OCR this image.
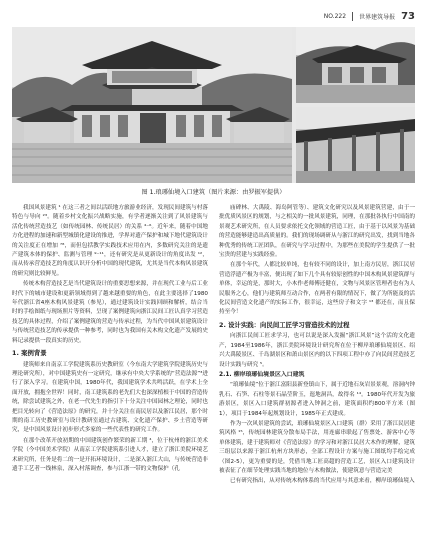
NO.222 世界建筑导报 73
图 1.琅琊仙境入口建筑（图片来源：由罗振军提供）

我国风景建筑 ¹ 在这三者之间以活跃地方旅游业经济，发现民间建筑与村落特色与导向 ²³。随着乡村文化振兴战略实施，有学者逐渐关注到了风景建筑与活化传统营造技艺（如传统园林、传统民居）的关系 ⁴⁻⁶。近年来，随着中国地方化进程的加速和新型城镇化建设的推进，学界对遗产保护和城下地代建筑设计的关注度正在增加 ⁷⁸，而但包括教学实践技术应用在内，多数研究关注的是遗产建筑本体的保护、监测与管理 ⁹⁻¹¹，还有研究是从更新设计的角度出发 ¹²，而从传承营造技艺的角度认识开分析中国的现代建筑，尤其是当代本构风景建筑的研究则比较鲜见。

传统木构营造技艺是当代建筑设计的重要思想来源，并在现代工业与后工业时代下的城市建设和更新领域得到了越来越重要的角色，在此主要选择了1980年代浙江省4座木构风景建筑（参见），通过建筑设计实践回顾和解析，结合当时的手绘图纸与现场照片等资料，呈现了案例建筑向浙江民间工匠认真学习营造技艺的具体过程，介绍了案例建筑的营造与传承过程，为当代中国风景建筑设计与传统营造技艺的传承提供一种参考，同时也为我国有关木构文化遗产发展的史料记录提供一段真实的历史。

1. 案例背景

建筑师来自南京工学院建筑系历史教研室（今东南大学建筑学院建筑历史与理论研究所），对中国建筑史有一定研究，继承有中央大学系统的“营造法源”³进行了深入学习。在建筑中国，1980年代，我国建筑学术共鸣活跃，在学术上全面开放，拥抱全世界！同时，南工建筑系的老先们大也深深植根于中国的营造传统，除尝试建筑之外，在老一代先生的指引下十分关注中国园林之理论，同时也把目光转向了《营造法原》的研究，并十分关注在南民居以及浙江民居，那个时期的南工历史教研室与设计教研室通过古建筑、文化遗产保护、乡土营造等研究，是中国风景设计初步形式多家的一些代表性的研究工作。

在那个改革开放初期的中国建筑创作繁荣的新工期 ⁴，位于杭州的浙江美术学院（今中国美术学院）从南京工学院建筑系引进人才，建立了浙江美院环境艺术研究所，任务是将二的一是开拓环境设计，二是深入浙江大山，与传统营造非遗手工艺者一线林泉，深入村落调查，参与江浙一带的文物保护（孔

庙碑林、大禹陵、海岛阿管等）、建筑文化研究以及风景建筑营建，由于一批优质风景区的规划，与之相关的一批风景建筑，同理，在那批各执行中国南的景观艺术研究所，在人员要求依托文化领域的营造工匠，由于基于以风景为基础的营造能够建造出高质量的。我们的现场调研从与浙江的研究出发，找到当地各种优秀的传统工匠团队，在研究与学习过程中，为那些在美院的学生提供了一批宝贵的营建与实践经验。

在那个年代，人都比较单纯，也有较不同的设计，加上南方民居，浙江民居营造浮遗产极为丰富，便出现了如下几个具有较原创性的中国木构风景建筑群与单体，幸运的是，那时大，小木作老师傅还健在，文物与风景区管理者也有为人民服务之心，他们与建筑师互动合作，在两者有限的情况下，做了为所能及的活化民间营造文化遗产的实际工作，很幸运，这些房子和文字 ¹³ 都还在，而且保持至今！

2. 设计实践：向民间工匠学习营造技术的过程

向浙江民间工匠求学习，也可以说是深入发掘“浙江风景”这个活的文化遗产，1984至1986年，浙江美院环境设计研究所在位于柳岸琅琊仙境景区、绍兴大禹陵景区、千岛湖景区和萧山景区内的以下四项工程中亦了向民间营造技艺设计实践与研究 ⁵。

2.1. 柳岸琅琊仙境景区入口建筑

“琅琊仙境”位于浙江富阳县新登镇山下，属于近地石灰岩景景观，溶洞内钟乳石、石笋、石柱等景石晶莹阶玉，迤地洞昌，故得名 ¹⁴。1980年代开发为旅游景区，景区入口建筑群初源者进入钟洞之前，建筑面积约800平方米（图1），项目于1984年起规划设计，1985年正式建成。

作为一次风景建筑的尝试，琅琊仙境景区入口建筑（群）采用了浙江民居建筑风格 ¹⁵，传统园林建筑分散布局手法，用连廊串联起了售票处、游客中心等单体建筑，建于建筑师对《营造法原》的学习和对浙江民居大木作的理解，建筑三组层以来源于浙江杭州方块形态，全部工程设计方案与施工图纸均手绘完成（图2-5），更为重要的是，凭借当地工匠高超的营造工艺，景区入口建筑设计被表征了在细节处理实践当地的地位与木构做法，使建筑意与营造完美

已有研究指出，从对传统木构体系的当代应用与其意来看，柳岸琅琊仙境入
